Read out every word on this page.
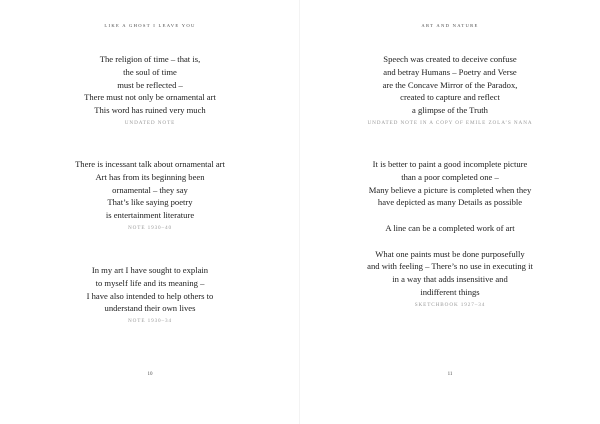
LIKE A GHOST I LEAVE YOU
The religion of time – that is,
the soul of time
must be reflected –
There must not only be ornamental art
This word has ruined very much
UNDATED NOTE
There is incessant talk about ornamental art
Art has from its beginning been
ornamental – they say
That’s like saying poetry
is entertainment literature
NOTE 1930–40
In my art I have sought to explain
to myself life and its meaning –
I have also intended to help others to
understand their own lives
NOTE 1930–34
10
ART AND NATURE
Speech was created to deceive confuse
and betray Humans – Poetry and Verse
are the Concave Mirror of the Paradox,
created to capture and reflect
a glimpse of the Truth
UNDATED NOTE IN A COPY OF EMILE ZOLA’S NANA
It is better to paint a good incomplete picture
than a poor completed one –
Many believe a picture is completed when they
have depicted as many Details as possible
A line can be a completed work of art
What one paints must be done purposefully
and with feeling – There’s no use in executing it
in a way that adds insensitive and
indifferent things
SKETCHBOOK 1927–34
11
